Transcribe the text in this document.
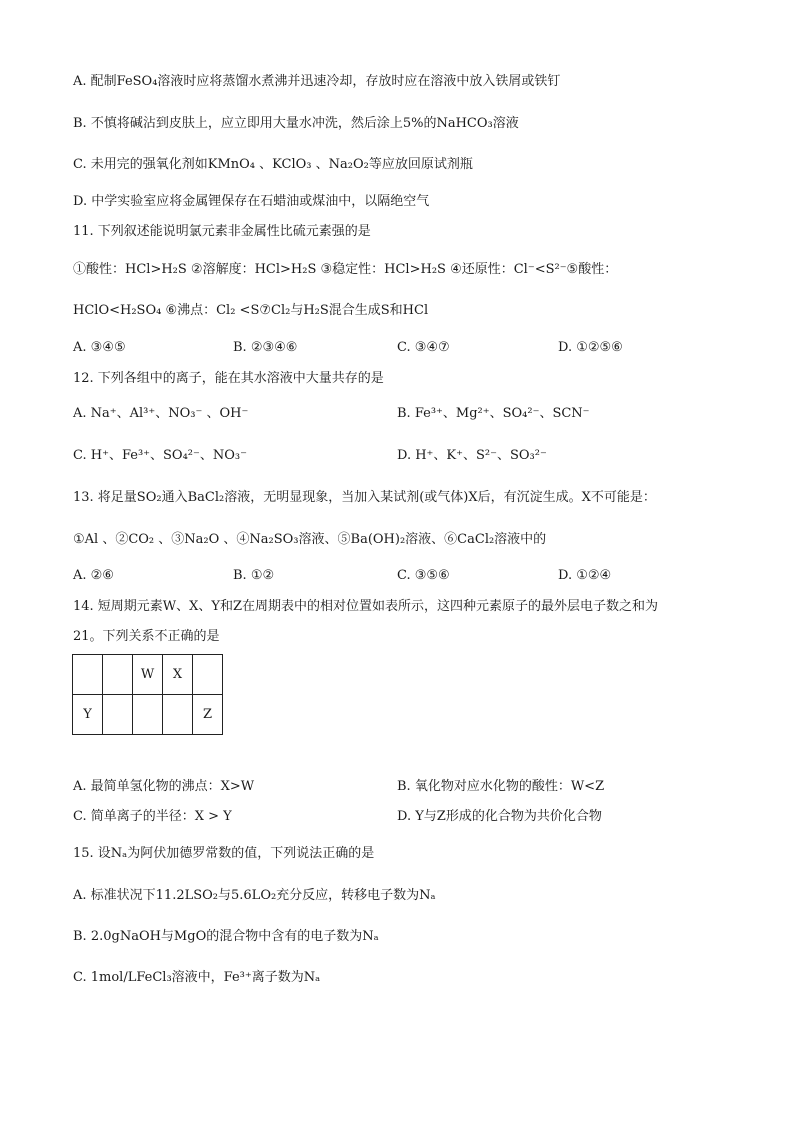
A. 配制FeSO₄溶液时应将蒸馏水煮沸并迅速冷却，存放时应在溶液中放入铁屑或铁钉
B. 不慎将碱沾到皮肤上，应立即用大量水冲洗，然后涂上5%的NaHCO₃溶液
C. 未用完的强氧化剂如KMnO₄ 、KClO₃ 、Na₂O₂等应放回原试剂瓶
D. 中学实验室应将金属锂保存在石蜡油或煤油中，以隔绝空气
11. 下列叙述能说明氯元素非金属性比硫元素强的是
①酸性：HCl>H₂S ②溶解度：HCl>H₂S ③稳定性：HCl>H₂S ④还原性：Cl⁻<S²⁻⑤酸性：
HClO<H₂SO₄ ⑥沸点：Cl₂ <S⑦Cl₂与H₂S混合生成S和HCl
A. ③④⑤	B. ②③④⑥	C. ③④⑦	D. ①②⑤⑥
12. 下列各组中的离子，能在其水溶液中大量共存的是
A. Na⁺、Al³⁺、NO₃⁻ 、OH⁻	B. Fe³⁺、Mg²⁺、SO₄²⁻、SCN⁻
C. H⁺、Fe³⁺、SO₄²⁻、NO₃⁻	D. H⁺、K⁺、S²⁻、SO₃²⁻
13. 将足量SO₂通入BaCl₂溶液，无明显现象，当加入某试剂(或气体)X后，有沉淀生成。X不可能是：
①Al 、②CO₂ 、③Na₂O 、④Na₂SO₃溶液、⑤Ba(OH)₂溶液、⑥CaCl₂溶液中的
A. ②⑥	B. ①②	C. ③⑤⑥	D. ①②④
14. 短周期元素W、X、Y和Z在周期表中的相对位置如表所示，这四种元素原子的最外层电子数之和为
21。下列关系不正确的是
		W	X	
Y				Z
A. 最简单氢化物的沸点：X>W	B. 氧化物对应水化物的酸性：W<Z
C. 简单离子的半径：X > Y	D. Y与Z形成的化合物为共价化合物
15. 设Nₐ为阿伏加德罗常数的值，下列说法正确的是
A. 标准状况下11.2LSO₂与5.6LO₂充分反应，转移电子数为Nₐ
B. 2.0gNaOH与MgO的混合物中含有的电子数为Nₐ
C. 1mol/LFeCl₃溶液中，Fe³⁺离子数为Nₐ
